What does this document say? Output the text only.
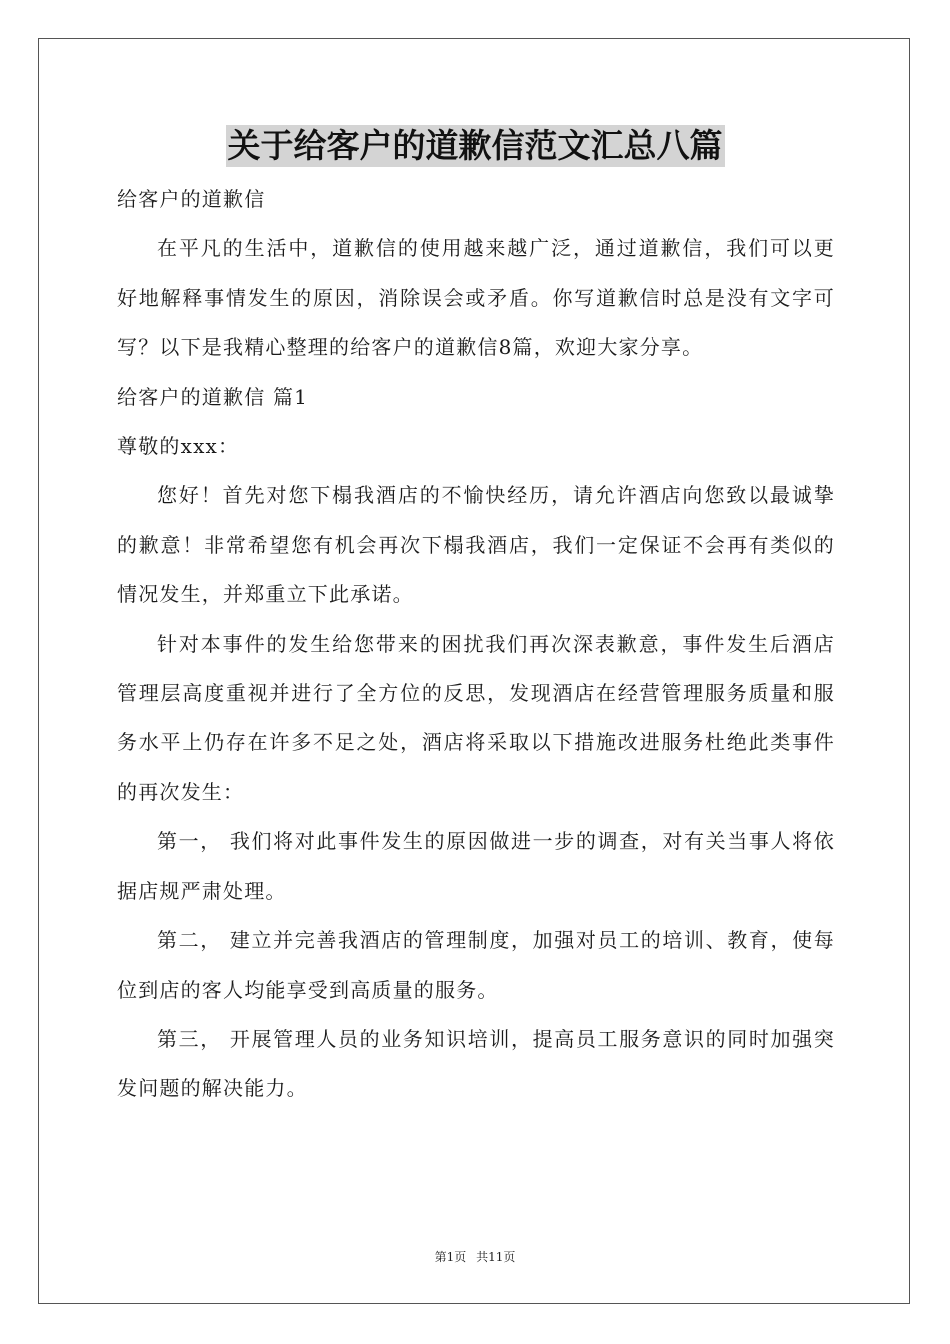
关于给客户的道歉信范文汇总八篇

给客户的道歉信

在平凡的生活中，道歉信的使用越来越广泛，通过道歉信，我们可以更好地解释事情发生的原因，消除误会或矛盾。你写道歉信时总是没有文字可写？以下是我精心整理的给客户的道歉信8篇，欢迎大家分享。

给客户的道歉信 篇1

尊敬的xxx：

您好！首先对您下榻我酒店的不愉快经历，请允许酒店向您致以最诚挚的歉意！非常希望您有机会再次下榻我酒店，我们一定保证不会再有类似的情况发生，并郑重立下此承诺。

针对本事件的发生给您带来的困扰我们再次深表歉意，事件发生后酒店管理层高度重视并进行了全方位的反思，发现酒店在经营管理服务质量和服务水平上仍存在许多不足之处，酒店将采取以下措施改进服务杜绝此类事件的再次发生：

第一， 我们将对此事件发生的原因做进一步的调查，对有关当事人将依据店规严肃处理。

第二， 建立并完善我酒店的管理制度，加强对员工的培训、教育，使每位到店的客人均能享受到高质量的服务。

第三， 开展管理人员的业务知识培训，提高员工服务意识的同时加强突发问题的解决能力。

第1页 共11页
